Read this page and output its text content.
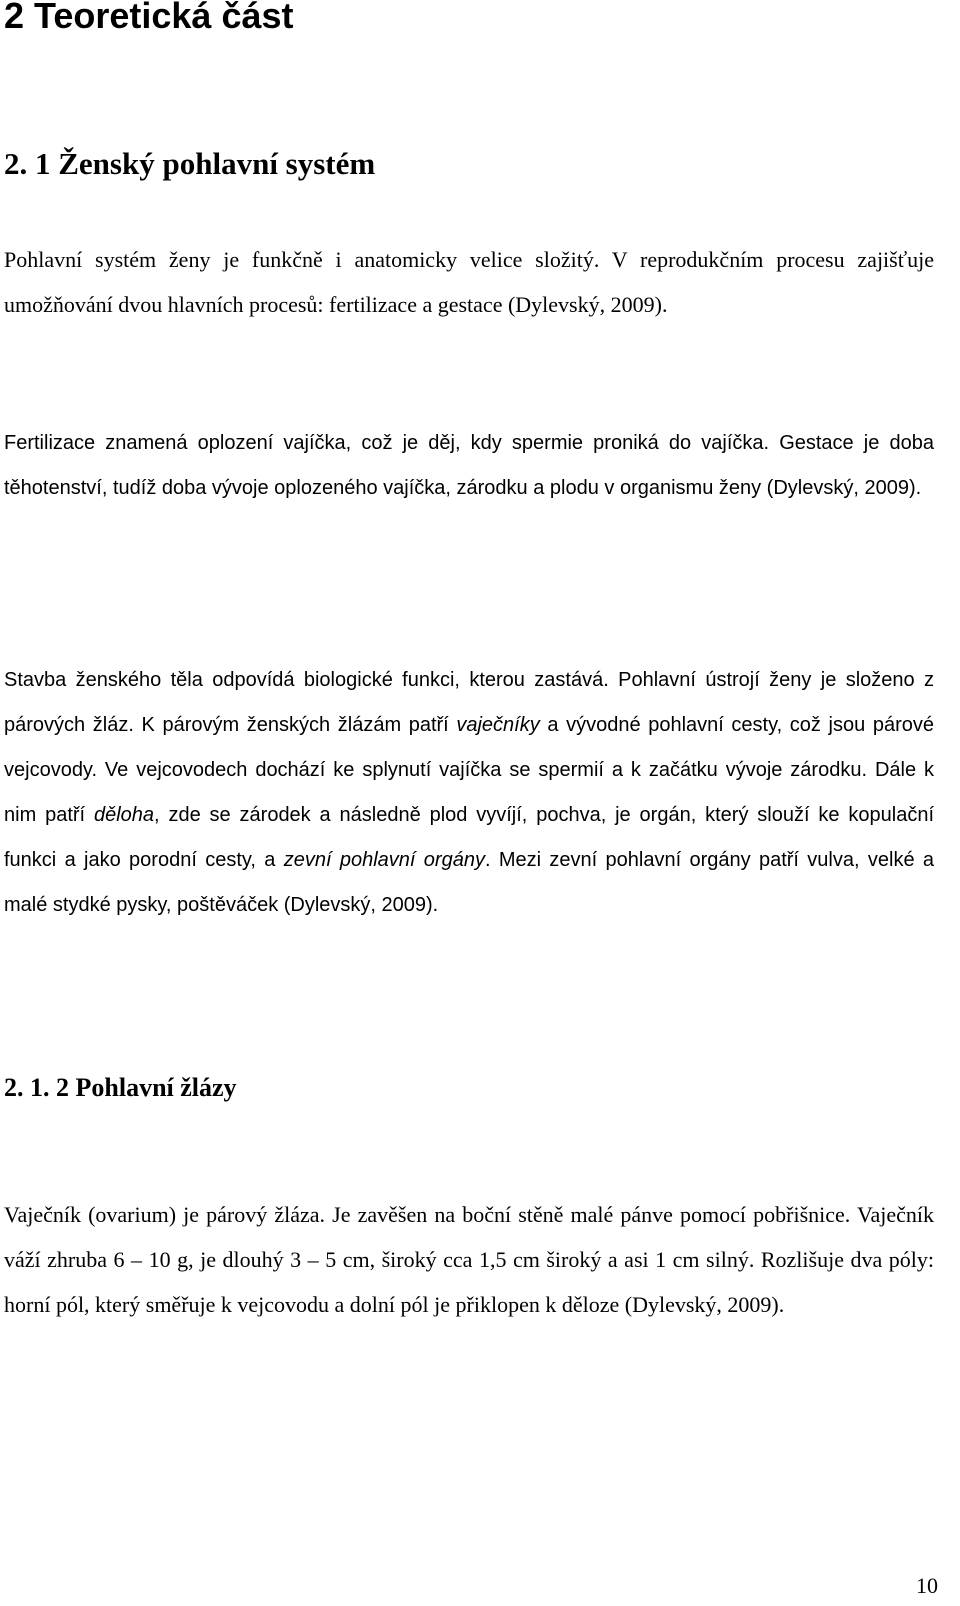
2 Teoretická část
2. 1 Ženský pohlavní systém

Pohlavní systém ženy je funkčně i anatomicky velice složitý. V reprodukčním procesu zajišťuje umožňování dvou hlavních procesů: fertilizace a gestace (Dylevský, 2009).

Fertilizace znamená oplození vajíčka, což je děj, kdy spermie proniká do vajíčka. Gestace je doba těhotenství, tudíž doba vývoje oplozeného vajíčka, zárodku a plodu v organismu ženy (Dylevský, 2009).

Stavba ženského těla odpovídá biologické funkci, kterou zastává. Pohlavní ústrojí ženy je složeno z párových žláz. K párovým ženských žlázám patří vaječníky a vývodné pohlavní cesty, což jsou párové vejcovody. Ve vejcovodech dochází ke splynutí vajíčka se spermií a k začátku vývoje zárodku. Dále k nim patří děloha, zde se zárodek a následně plod vyvíjí, pochva, je orgán, který slouží ke kopulační funkci a jako porodní cesty, a zevní pohlavní orgány. Mezi zevní pohlavní orgány patří vulva, velké a malé stydké pysky, poštěváček (Dylevský, 2009).

2. 1. 2 Pohlavní žlázy

Vaječník (ovarium) je párový žláza. Je zavěšen na boční stěně malé pánve pomocí pobřišnice. Vaječník váží zhruba 6 – 10 g, je dlouhý 3 – 5 cm, široký cca 1,5 cm široký a asi 1 cm silný. Rozlišuje dva póly: horní pól, který směřuje k vejcovodu a dolní pól je přiklopen k děloze (Dylevský, 2009).

10
